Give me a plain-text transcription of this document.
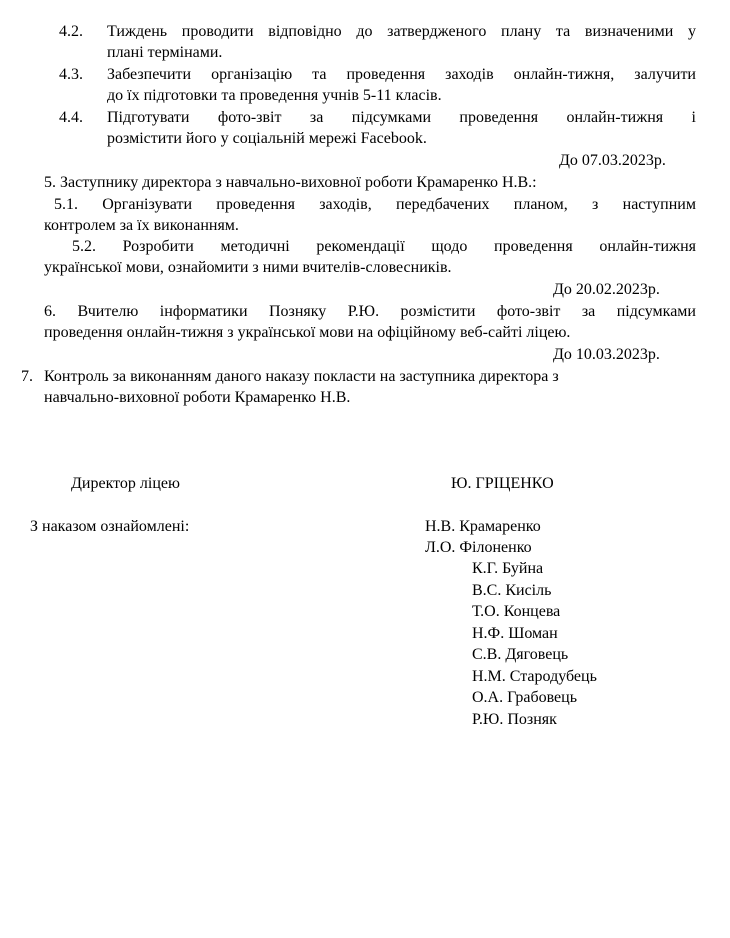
4.2. Тиждень проводити відповідно до затвердженого плану та визначеними у
плані термінами.
4.3. Забезпечити організацію та проведення заходів онлайн-тижня, залучити
до їх підготовки та проведення учнів 5-11 класів.
4.4. Підготувати фото-звіт за підсумками проведення онлайн-тижня і
розмістити його у соціальній мережі Facebook.
До 07.03.2023р.
5. Заступнику директора з навчально-виховної роботи Крамаренко Н.В.:
5.1. Організувати проведення заходів, передбачених планом, з наступним
контролем за їх виконанням.
5.2. Розробити методичні рекомендації щодо проведення онлайн-тижня
української мови, ознайомити з ними вчителів-словесників.
До 20.02.2023р.
6. Вчителю інформатики Позняку Р.Ю. розмістити фото-звіт за підсумками
проведення онлайн-тижня з української мови на офіційному веб-сайті ліцею.
До 10.03.2023р.
7. Контроль за виконанням даного наказу покласти на заступника директора з
навчально-виховної роботи Крамаренко Н.В.
Директор ліцею	Ю. ГРІЦЕНКО
З наказом ознайомлені:	Н.В. Крамаренко
Л.О. Філоненко
К.Г. Буйна
В.С. Кисіль
Т.О. Концева
Н.Ф. Шоман
С.В. Дяговець
Н.М. Стародубець
О.А. Грабовець
Р.Ю. Позняк
